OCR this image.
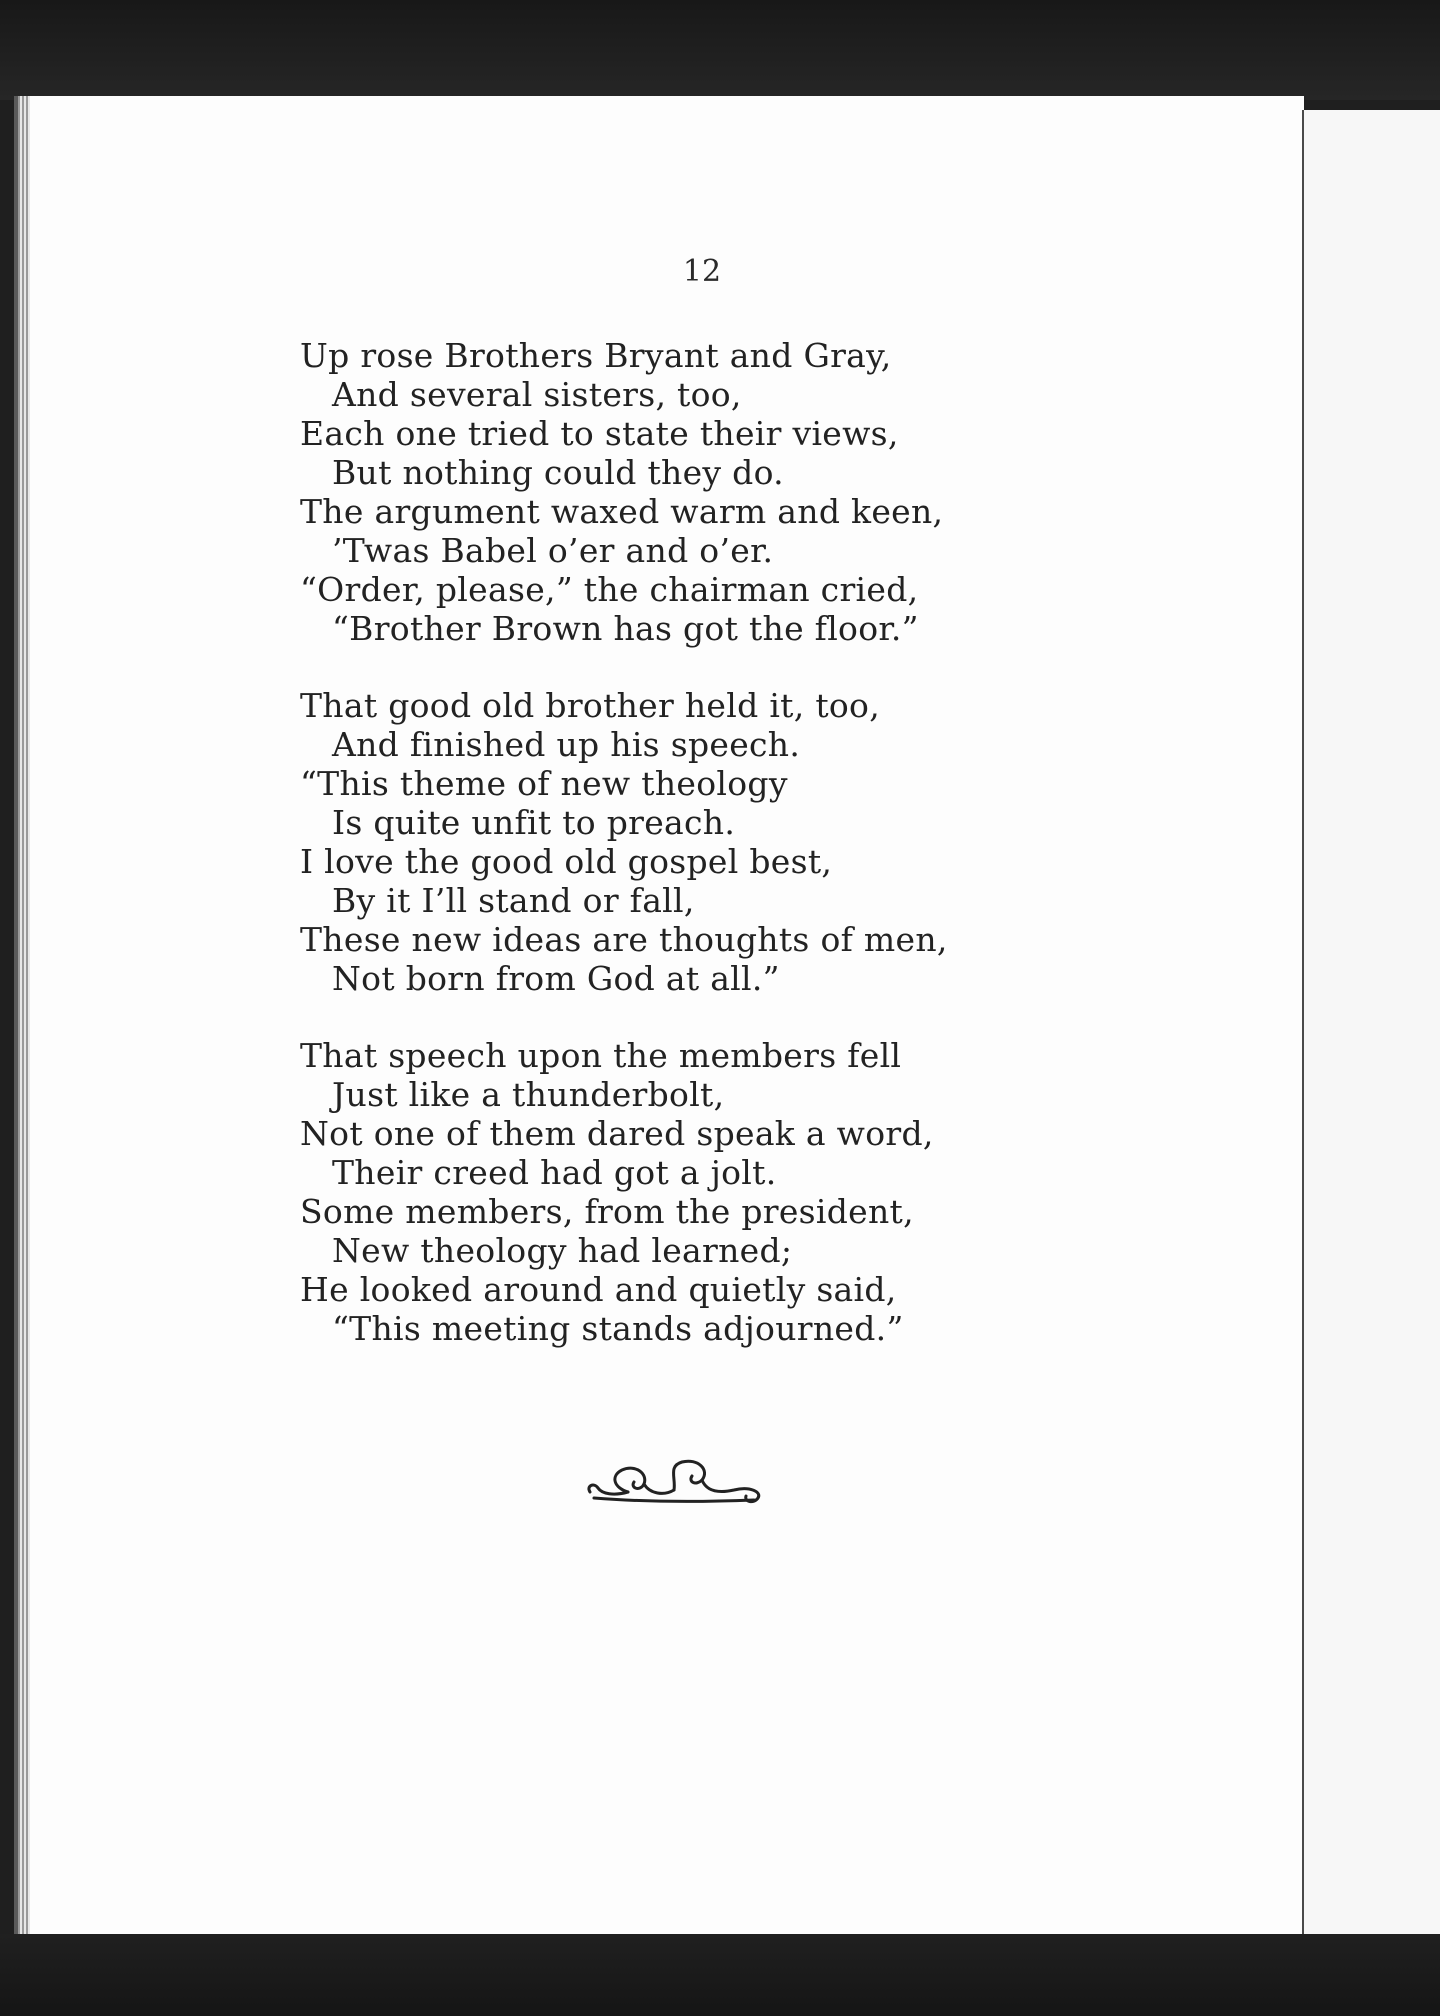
12
Up rose Brothers Bryant and Gray,
And several sisters, too,
Each one tried to state their views,
But nothing could they do.
The argument waxed warm and keen,
’Twas Babel o’er and o’er.
“Order, please,” the chairman cried,
“Brother Brown has got the floor.”
That good old brother held it, too,
And finished up his speech.
“This theme of new theology
Is quite unfit to preach.
I love the good old gospel best,
By it I’ll stand or fall,
These new ideas are thoughts of men,
Not born from God at all.”
That speech upon the members fell
Just like a thunderbolt,
Not one of them dared speak a word,
Their creed had got a jolt.
Some members, from the president,
New theology had learned;
He looked around and quietly said,
“This meeting stands adjourned.”
